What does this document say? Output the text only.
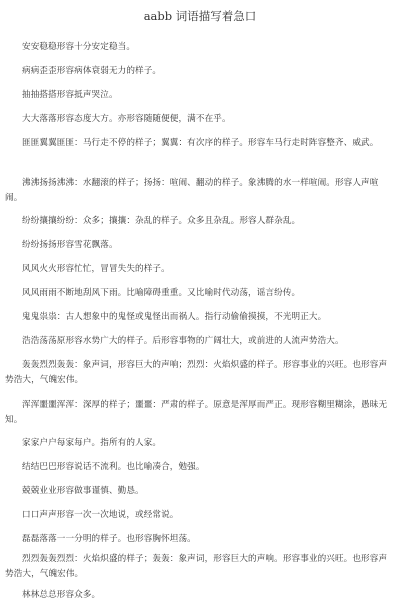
aabb 词语描写着急口
安安稳稳形容十分安定稳当。
病病歪歪形容病体衰弱无力的样子。
抽抽搭搭形容抵声哭泣。
大大落落形容态度大方。亦形容随随便便，满不在乎。
匪匪翼翼匪匪：马行走不停的样子；翼翼：有次序的样子。形容车马行走时阵容整齐、威武。
沸沸扬扬沸沸：水翻滚的样子；扬扬：喧闹、翻动的样子。象沸腾的水一样喧闹。形容人声喧闹。
纷纷攘攘纷纷：众多；攘攘：杂乱的样子。众多且杂乱。形容人群杂乱。
纷纷扬扬形容雪花飘落。
风风火火形容忙忙，冒冒失失的样子。
风风雨雨不断地刮风下雨。比喻障碍重重。又比喻时代动荡，谣言纷传。
鬼鬼祟祟：古人想象中的鬼怪或鬼怪出而祸人。指行动偷偷摸摸，不光明正大。
浩浩荡荡原形容水势广大的样子。后形容事物的广阔壮大，或前进的人流声势浩大。
轰轰烈烈轰轰：象声词，形容巨大的声响；烈烈：火焰炽盛的样子。形容事业的兴旺。也形容声势浩大，气魄宏伟。
浑浑噩噩浑浑：深厚的样子；噩噩：严肃的样子。原意是浑厚而严正。现形容糊里糊涂，愚昧无知。
家家户户每家每户。指所有的人家。
结结巴巴形容说话不流利。也比喻凑合，勉强。
兢兢业业形容做事谨慎、勤恳。
口口声声形容一次一次地说，或经常说。
磊磊落落一一分明的样子。也形容胸怀坦荡。
烈烈轰轰烈烈：火焰炽盛的样子；轰轰：象声词，形容巨大的声响。形容事业的兴旺。也形容声势浩大，气魄宏伟。
林林总总形容众多。
